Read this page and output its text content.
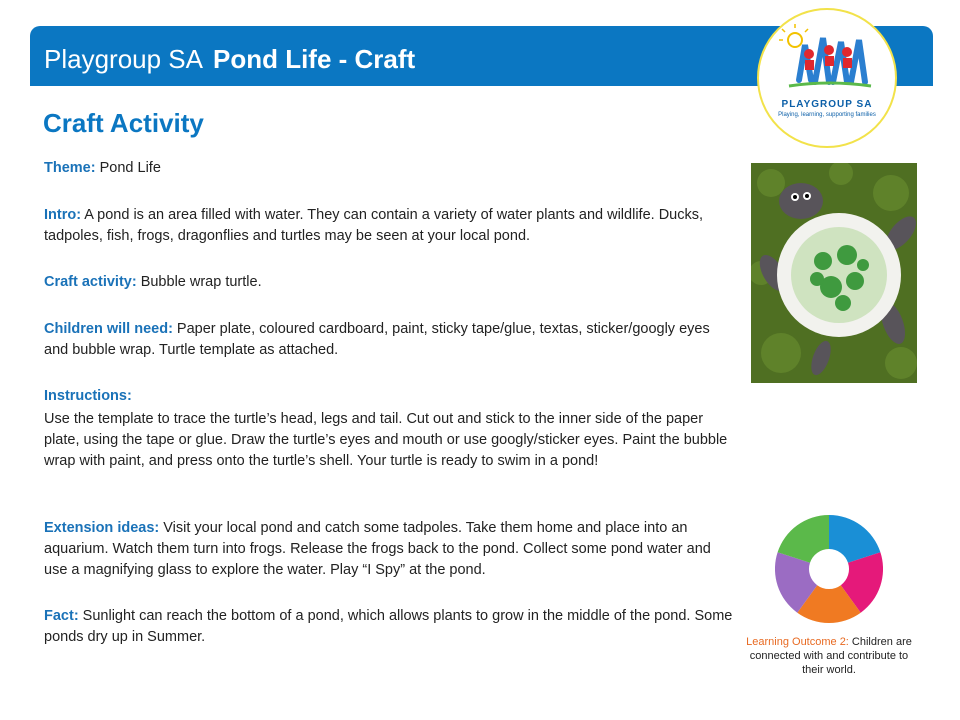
Playgroup SA Pond Life - Craft
PLAYGROUP SA
Playing, learning, supporting families
Craft Activity

Theme: Pond Life

Intro: A pond is an area filled with water. They can contain a variety of water plants and wildlife. Ducks, tadpoles, fish, frogs, dragonflies and turtles may be seen at your local pond.

Craft activity: Bubble wrap turtle.

Children will need: Paper plate, coloured cardboard, paint, sticky tape/glue, textas, sticker/googly eyes and bubble wrap. Turtle template as attached.

Instructions:

Use the template to trace the turtle’s head, legs and tail. Cut out and stick to the inner side of the paper plate, using the tape or glue. Draw the turtle’s eyes and mouth or use googly/sticker eyes. Paint the bubble wrap with paint, and press onto the turtle’s shell. Your turtle is ready to swim in a pond!

Extension ideas: Visit your local pond and catch some tadpoles. Take them home and place into an aquarium. Watch them turn into frogs. Release the frogs back to the pond. Collect some pond water and use a magnifying glass to explore the water. Play “I Spy” at the pond.

Fact: Sunlight can reach the bottom of a pond, which allows plants to grow in the middle of the pond. Some ponds dry up in Summer.	Learning Outcome 2: Children are connected with and contribute to their world.
